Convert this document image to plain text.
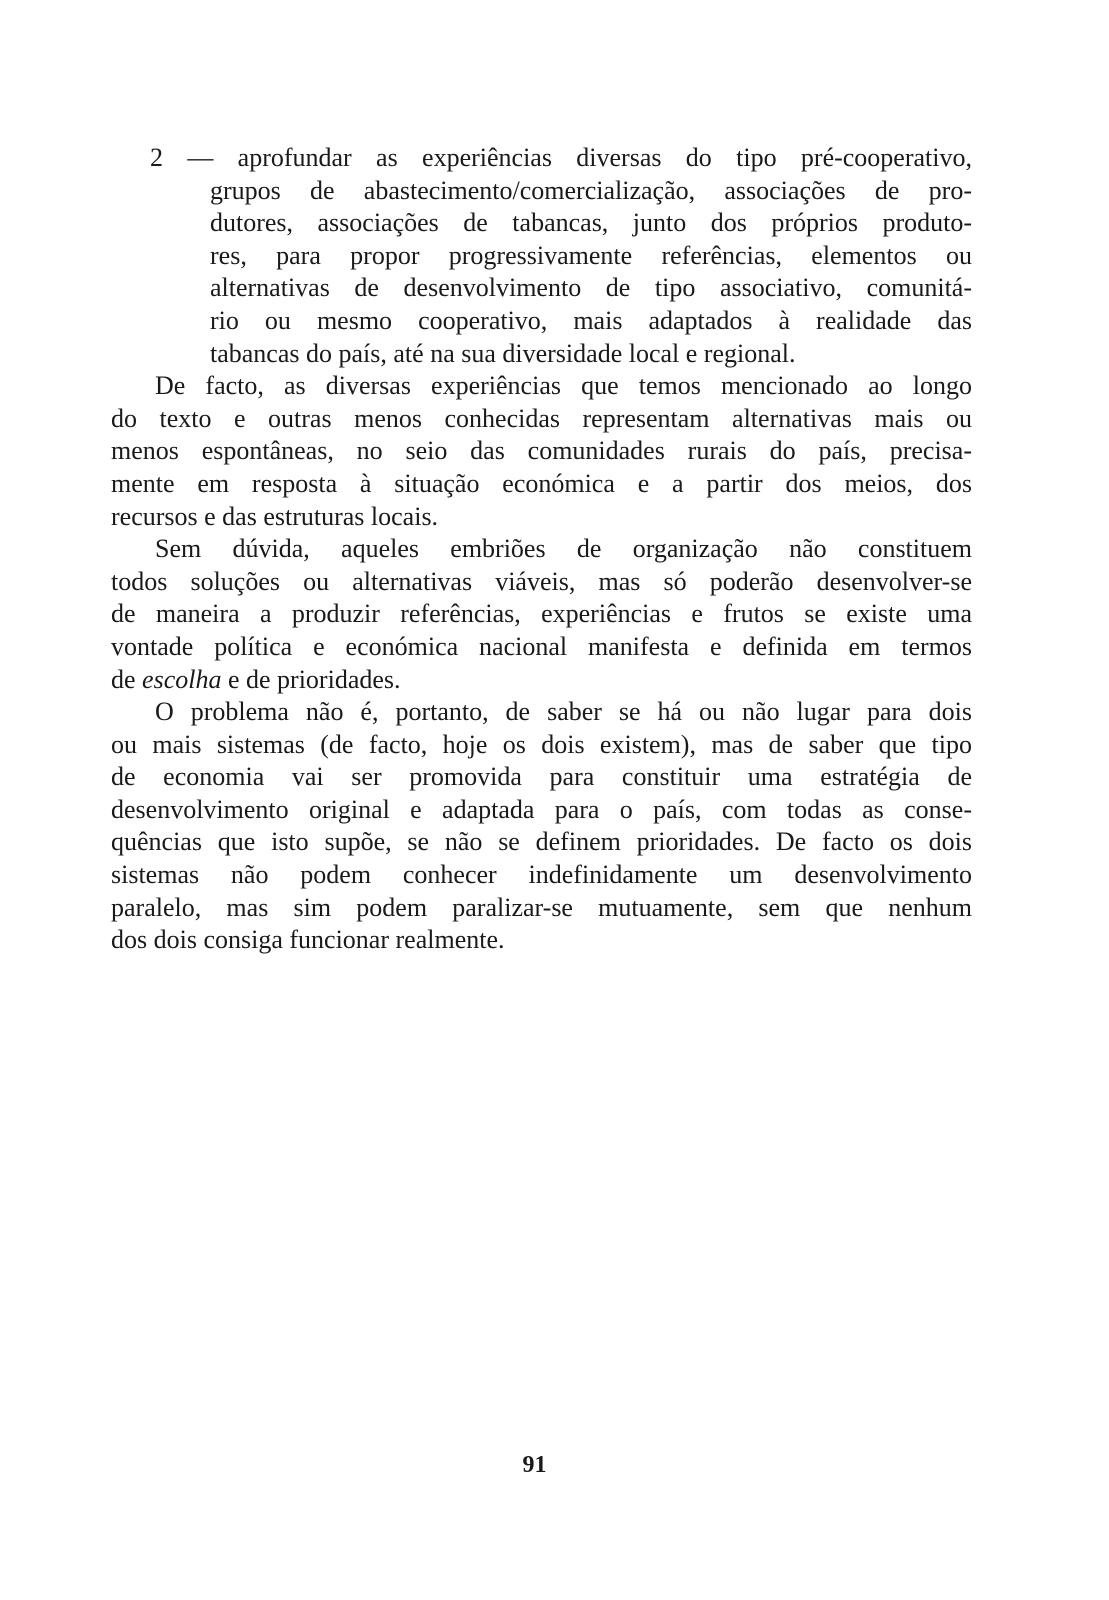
2 — aprofundar as experiências diversas do tipo pré-cooperativo,
grupos de abastecimento/comercialização, associações de pro-
dutores, associações de tabancas, junto dos próprios produto-
res, para propor progressivamente referências, elementos ou
alternativas de desenvolvimento de tipo associativo, comunitá-
rio ou mesmo cooperativo, mais adaptados à realidade das
tabancas do país, até na sua diversidade local e regional.
De facto, as diversas experiências que temos mencionado ao longo
do texto e outras menos conhecidas representam alternativas mais ou
menos espontâneas, no seio das comunidades rurais do país, precisa-
mente em resposta à situação económica e a partir dos meios, dos
recursos e das estruturas locais.
Sem dúvida, aqueles embriões de organização não constituem
todos soluções ou alternativas viáveis, mas só poderão desenvolver-se
de maneira a produzir referências, experiências e frutos se existe uma
vontade política e económica nacional manifesta e definida em termos
de escolha e de prioridades.
O problema não é, portanto, de saber se há ou não lugar para dois
ou mais sistemas (de facto, hoje os dois existem), mas de saber que tipo
de economia vai ser promovida para constituir uma estratégia de
desenvolvimento original e adaptada para o país, com todas as conse-
quências que isto supõe, se não se definem prioridades. De facto os dois
sistemas não podem conhecer indefinidamente um desenvolvimento
paralelo, mas sim podem paralizar-se mutuamente, sem que nenhum
dos dois consiga funcionar realmente.
91
